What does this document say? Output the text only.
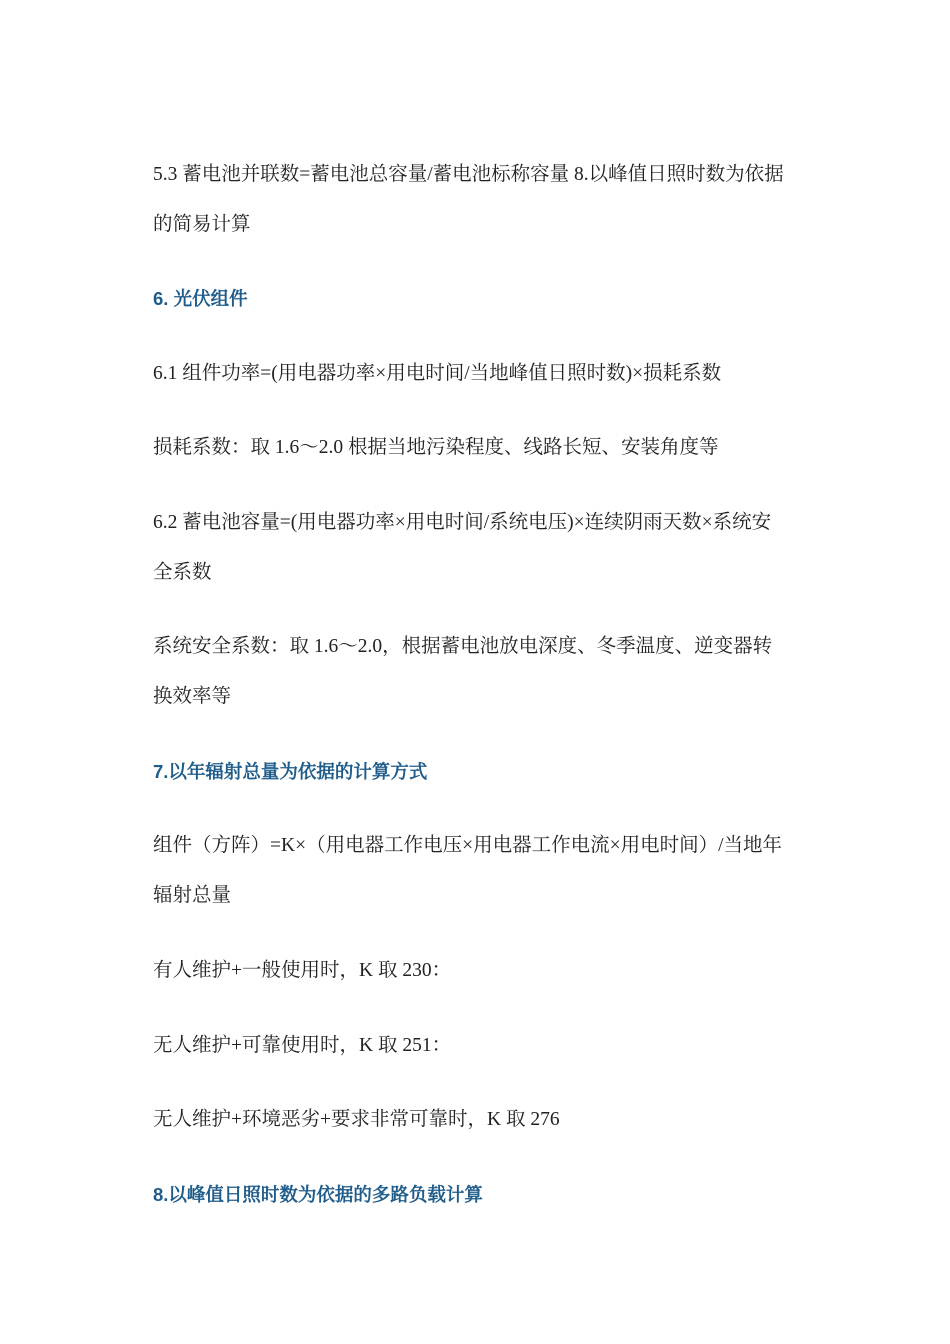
5.3 蓄电池并联数=蓄电池总容量/蓄电池标称容量 8.以峰值日照时数为依据
的简易计算

6. 光伏组件

6.1 组件功率=(用电器功率×用电时间/当地峰值日照时数)×损耗系数

损耗系数：取 1.6～2.0 根据当地污染程度、线路长短、安装角度等

6.2 蓄电池容量=(用电器功率×用电时间/系统电压)×连续阴雨天数×系统安
全系数

系统安全系数：取 1.6～2.0，根据蓄电池放电深度、冬季温度、逆变器转
换效率等

7.以年辐射总量为依据的计算方式

组件（方阵）=K×（用电器工作电压×用电器工作电流×用电时间）/当地年
辐射总量

有人维护+一般使用时，K 取 230：

无人维护+可靠使用时，K 取 251：

无人维护+环境恶劣+要求非常可靠时，K 取 276

8.以峰值日照时数为依据的多路负载计算
